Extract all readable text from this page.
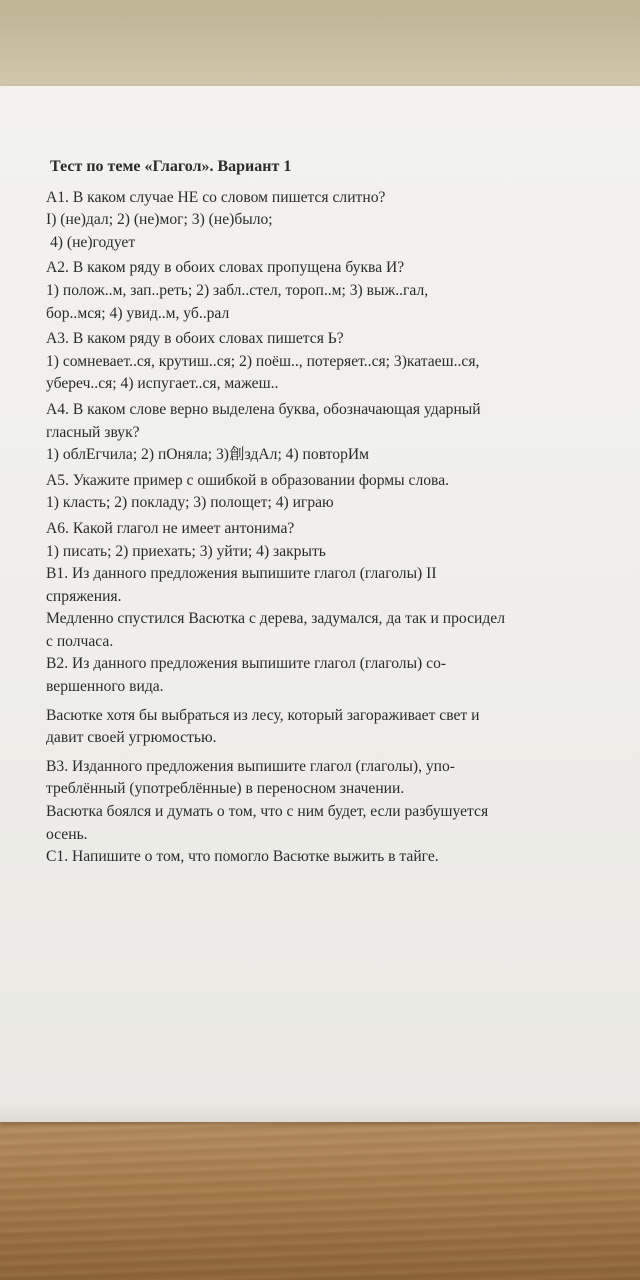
Тест по теме «Глагол». Вариант 1
А1. В каком случае НЕ со словом пишется слитно?
I) (не)дал; 2) (не)мог; 3) (не)было;
4) (не)годует
А2. В каком ряду в обоих словах пропущена буква И?
1) полож..м, зап..реть; 2) забл..стел, тороп..м; 3) выж..гал,
бор..мся; 4) увид..м, уб..рал
А3. В каком ряду в обоих словах пишется Ь?
1) сомневает..ся, крутиш..ся; 2) поёш.., потеряет..ся; 3)катаеш..ся,
убереч..ся; 4) испугает..ся, мажеш..
А4. В каком слове верно выделена буква, обозначающая ударный
гласный звук?
1) облЕгчила; 2) пОняла; 3)創здАл; 4) повторИм
А5. Укажите пример с ошибкой в образовании формы слова.
1) класть; 2) покладу; 3) полощет; 4) играю
А6. Какой глагол не имеет антонима?
1) писать; 2) приехать; 3) уйти; 4) закрыть
В1. Из данного предложения выпишите глагол (глаголы) II
спряжения.
Медленно спустился Васютка с дерева, задумался, да так и просидел
с полчаса.
В2. Из данного предложения выпишите глагол (глаголы) со-
вершенного вида.
Васютке хотя бы выбраться из лесу, который загораживает свет и
давит своей угрюмостью.
В3. Изданного предложения выпишите глагол (глаголы), упо-
треблённый (употреблённые) в переносном значении.
Васютка боялся и думать о том, что с ним будет, если разбушуется
осень.
С1. Напишите о том, что помогло Васютке выжить в тайге.
